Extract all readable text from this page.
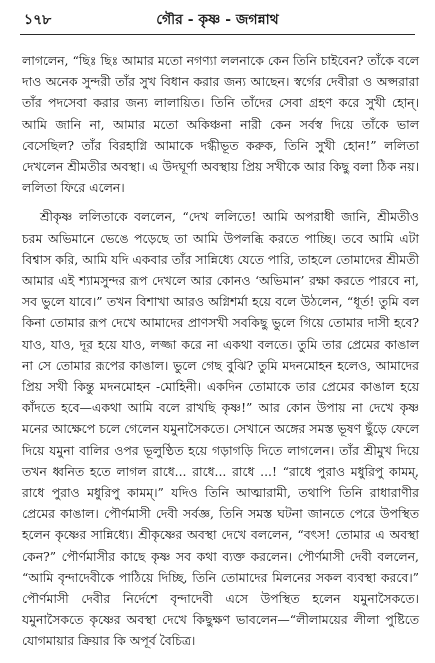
১৭৮	গৌর - কৃষ্ণ - জগন্নাথ

লাগলেন, “ছিঃ ছিঃ আমার মতো নগণ্যা ললনাকে কেন তিনি চাইবেন? তাঁকে বলে দাও অনেক সুন্দরী তাঁর সুখ বিধান করার জন্য আছেন। স্বর্গের দেবীরা ও অপ্সরারা তাঁর পদসেবা করার জন্য লালায়িত। তিনি তাঁদের সেবা গ্রহণ করে সুখী হোন্‌। আমি জানি না, আমার মতো অকিঞ্চনা নারী কেন সর্বস্ব দিয়ে তাঁকে ভাল বেসেছিল? তাঁর বিরহাগ্নি আমাকে দগ্ধীভূত করুক, তিনি সুখী হোন!” ললিতা দেখলেন শ্রীমতীর অবস্থা। এ উদঘূর্ণা অবস্থায় প্রিয় সখীকে আর কিছু বলা ঠিক নয়। ললিতা ফিরে এলেন।

শ্রীকৃষ্ণ ললিতাকে বললেন, “দেখ ললিতে! আমি অপরাধী জানি, শ্রীমতীও চরম অভিমানে ভেঙে পড়েছে তা আমি উপলব্ধি করতে পাচ্ছি। তবে আমি এটা বিশ্বাস করি, আমি যদি একবার তাঁর সান্নিধ্যে যেতে পারি, তাহলে তোমাদের শ্রীমতী আমার এই শ্যামসুন্দর রূপ দেখলে আর কোনও ‘অভিমান’ রক্ষা করতে পারবে না, সব ভুলে যাবে।” তখন বিশাখা আরও অগ্নিশর্মা হয়ে বলে উঠলেন, “ধূর্ত! তুমি বল কিনা তোমার রূপ দেখে আমাদের প্রাণসখী সবকিছু ভুলে গিয়ে তোমার দাসী হবে? যাও, যাও, দূর হয়ে যাও, লজ্জা করে না একথা বলতে। তুমি তার প্রেমের কাঙাল না সে তোমার রূপের কাঙাল। ভুলে গেছ বুঝি? তুমি মদনমোহন হলেও, আমাদের প্রিয় সখী কিন্তু মদনমোহন -মোহিনী। একদিন তোমাকে তার প্রেমের কাঙাল হয়ে কাঁদতে হবে—একথা আমি বলে রাখছি কৃষ্ণ!” আর কোন উপায় না দেখে কৃষ্ণ মনের আক্ষেপে চলে গেলেন যমুনাসৈকতে। সেখানে অঙ্গের সমস্ত ভূষণ ছুঁড়ে ফেলে দিয়ে যমুনা বালির ওপর ভূলুণ্ঠিত হয়ে গড়াগড়ি দিতে লাগলেন। তাঁর শ্রীমুখ দিয়ে তখন ধ্বনিত হতে লাগল রাধে... রাধে... রাধে ...! “রাধে পুরাও মধুরিপু কামম্‌, রাধে পুরাও মধুরিপু কামম্‌।” যদিও তিনি আত্মারামী, তথাপি তিনি রাধারাণীর প্রেমের কাঙাল। পৌর্ণমাসী দেবী সর্বজ্ঞ, তিনি সমস্ত ঘটনা জানতে পেরে উপস্থিত হলেন কৃষ্ণের সান্নিধ্যে। শ্রীকৃষ্ণের অবস্থা দেখে বললেন, “বৎস! তোমার এ অবস্থা কেন?” পৌর্ণমাসীর কাছে কৃষ্ণ সব কথা ব্যক্ত করলেন। পৌর্ণমাসী দেবী বললেন, “আমি বৃন্দাদেবীকে পাঠিয়ে দিচ্ছি, তিনি তোমাদের মিলনের সকল ব্যবস্থা করবে।” পৌর্ণমাসী দেবীর নির্দেশে বৃন্দাদেবী এসে উপস্থিত হলেন যমুনাসৈকতে। যমুনাসৈকতে কৃষ্ণের অবস্থা দেখে কিছুক্ষণ ভাবলেন—“লীলাময়ের লীলা পুষ্টিতে যোগমায়ার ক্রিয়ার কি অপূর্ব বৈচিত্র।
